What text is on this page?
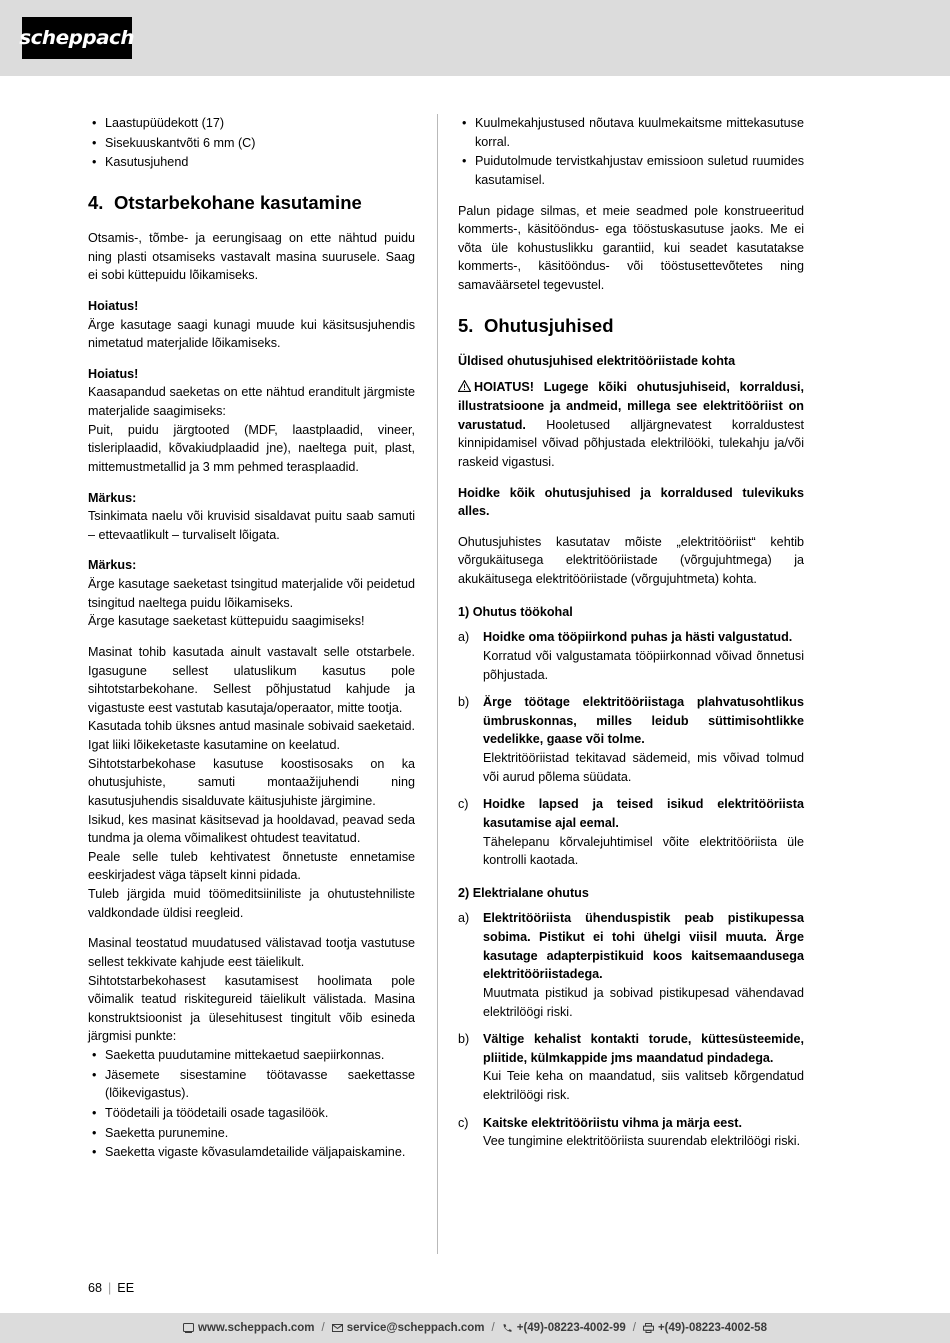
scheppach
• Laastupüüdekott (17)
• Sisekuuskantvõti 6 mm (C)
• Kasutusjuhend
4. Otstarbekohane kasutamine

Otsamis-, tõmbe- ja eerungisaag on ette nähtud puidu ning plasti otsamiseks vastavalt masina suurusele. Saag ei sobi küttepuidu lõikamiseks.

Hoiatus!

Ärge kasutage saagi kunagi muude kui käsitsusjuhendis nimetatud materjalide lõikamiseks.

Hoiatus!

Kaasapandud saeketas on ette nähtud eranditult järgmiste materjalide saagimiseks:

Puit, puidu järgtooted (MDF, laastplaadid, vineer, tisleriplaadid, kõvakiudplaadid jne), naeltega puit, plast, mittemustmetallid ja 3 mm pehmed terasplaadid.

Märkus:

Tsinkimata naelu või kruvisid sisaldavat puitu saab samuti – ettevaatlikult – turvaliselt lõigata.

Märkus:

Ärge kasutage saeketast tsingitud materjalide või peidetud tsingitud naeltega puidu lõikamiseks.

Ärge kasutage saeketast küttepuidu saagimiseks!

Masinat tohib kasutada ainult vastavalt selle otstarbele. Igasugune sellest ulatuslikum kasutus pole sihtotstarbekohane. Sellest põhjustatud kahjude ja vigastuste eest vastutab kasutaja/operaator, mitte tootja.

Kasutada tohib üksnes antud masinale sobivaid saeketaid. Igat liiki lõikeketaste kasutamine on keelatud.

Sihtotstarbekohase kasutuse koostisosaks on ka ohutusjuhiste, samuti montaažijuhendi ning kasutusjuhendis sisalduvate käitusjuhiste järgimine.

Isikud, kes masinat käsitsevad ja hooldavad, peavad seda tundma ja olema võimalikest ohtudest teavitatud.

Peale selle tuleb kehtivatest õnnetuste ennetamise eeskirjadest väga täpselt kinni pidada.

Tuleb järgida muid töömeditsiiniliste ja ohutustehniliste valdkondade üldisi reegleid.

Masinal teostatud muudatused välistavad tootja vastutuse sellest tekkivate kahjude eest täielikult.

Sihtotstarbekohasest kasutamisest hoolimata pole võimalik teatud riskitegureid täielikult välistada. Masina konstruktsioonist ja ülesehitusest tingitult võib esineda järgmisi punkte:

• Saeketta puudutamine mittekaetud saepiirkonnas.
• Jäsemete sisestamine töötavasse saekettasse (lõikevigastus).
• Töödetaili ja töödetaili osade tagasilöök.
• Saeketta purunemine.
• Saeketta vigaste kõvasulamdetailide väljapaiskamine.
• Kuulmekahjustused nõutava kuulmekaitsme mittekasutuse korral.
• Puidutolmude tervistkahjustav emissioon suletud ruumides kasutamisel.

Palun pidage silmas, et meie seadmed pole konstrueeritud kommerts-, käsitööndus- ega tööstuskasutuse jaoks. Me ei võta üle kohustuslikku garantiid, kui seadet kasutatakse kommerts-, käsitööndus- või tööstusettevõtetes ning samaväärsetel tegevustel.

5. Ohutusjuhised
Üldised ohutusjuhised elektritööriistade kohta

HOIATUS! Lugege kõiki ohutusjuhiseid, korraldusi, illustratsioone ja andmeid, millega see elektritööriist on varustatud. Hooletused alljärgnevatest korraldustest kinnipidamisel võivad põhjustada elektrilööki, tulekahju ja/või raskeid vigastusi.

Hoidke kõik ohutusjuhised ja korraldused tulevikuks alles.

Ohutusjuhistes kasutatav mõiste „elektritööriist“ kehtib võrgukäitusega elektritööriistade (võrgujuhtmega) ja akukäitusega elektritööriistade (võrgujuhtmeta) kohta.

1) Ohutus töökohal
a)	Hoidke oma tööpiirkond puhas ja hästi valgustatud.
Korratud või valgustamata tööpiirkonnad võivad õnnetusi põhjustada.
b)	Ärge töötage elektritööriistaga plahvatusohtlikus ümbruskonnas, milles leidub süttimisohtlikke vedelikke, gaase või tolme.
Elektritööriistad tekitavad sädemeid, mis võivad tolmud või aurud põlema süüdata.
c)	Hoidke lapsed ja teised isikud elektritööriista kasutamise ajal eemal.
Tähelepanu kõrvalejuhtimisel võite elektritööriista üle kontrolli kaotada.
2) Elektrialane ohutus
a)	Elektritööriista ühenduspistik peab pistikupessa sobima. Pistikut ei tohi ühelgi viisil muuta. Ärge kasutage adapterpistikuid koos kaitsemaandusega elektritööriistadega.
Muutmata pistikud ja sobivad pistikupesad vähendavad elektrilöögi riski.
b)	Vältige kehalist kontakti torude, küttesüsteemide, pliitide, külmkappide jms maandatud pindadega.
Kui Teie keha on maandatud, siis valitseb kõrgendatud elektrilöögi risk.
c)	Kaitske elektritööriistu vihma ja märja eest.
Vee tungimine elektritööriista suurendab elektrilöögi riski.
68 | EE
www.scheppach.com / service@scheppach.com / +(49)-08223-4002-99 / +(49)-08223-4002-58
